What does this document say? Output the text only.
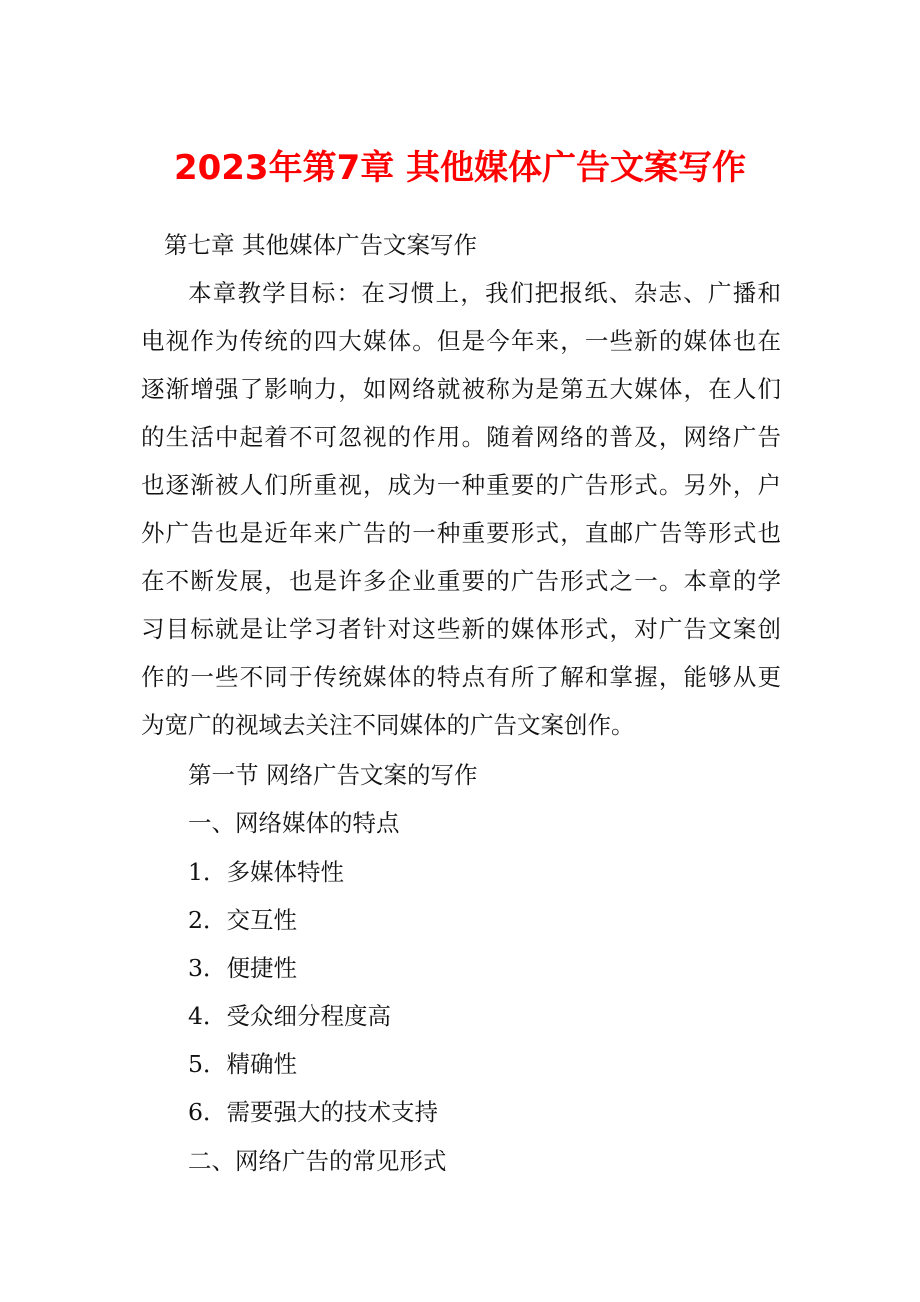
2023年第7章 其他媒体广告文案写作
第七章 其他媒体广告文案写作
本章教学目标：在习惯上，我们把报纸、杂志、广播和
电视作为传统的四大媒体。但是今年来，一些新的媒体也在
逐渐增强了影响力，如网络就被称为是第五大媒体，在人们
的生活中起着不可忽视的作用。随着网络的普及，网络广告
也逐渐被人们所重视，成为一种重要的广告形式。另外，户
外广告也是近年来广告的一种重要形式，直邮广告等形式也
在不断发展，也是许多企业重要的广告形式之一。本章的学
习目标就是让学习者针对这些新的媒体形式，对广告文案创
作的一些不同于传统媒体的特点有所了解和掌握，能够从更
为宽广的视域去关注不同媒体的广告文案创作。
第一节 网络广告文案的写作
一、网络媒体的特点
1．多媒体特性
2．交互性
3．便捷性
4．受众细分程度高
5．精确性
6．需要强大的技术支持
二、网络广告的常见形式
